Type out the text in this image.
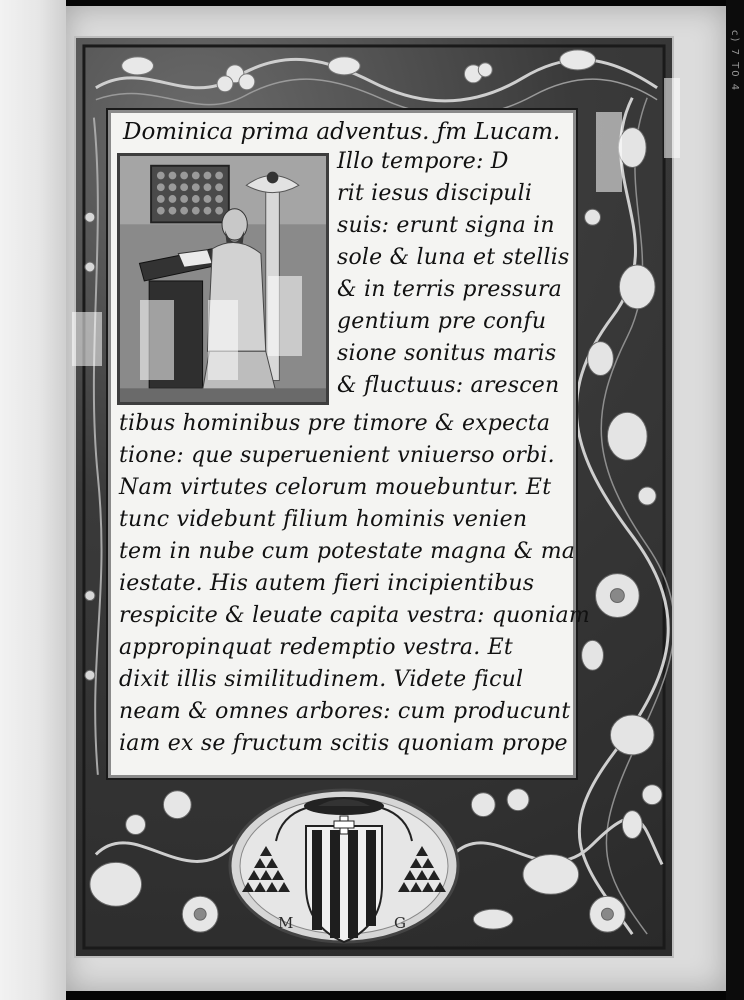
c) 7 T0 4
Dominica prima adventus. ƒm Lucam.
Illo tempore: D
rit iesus discipuli
suis: erunt signa in
sole & luna et stellis
& in terris pressura
gentium pre confu
sione sonitus maris
& fluctuus: arescen
tibus hominibus pre timore & expecta
tione: que superuenient vniuerso orbi.
Nam virtutes celorum mouebuntur. Et
tunc videbunt filium hominis venien
tem in nube cum potestate magna & ma
iestate. His autem fieri incipientibus
respicite & leuate capita vestra: quoniam
appropinquat redemptio vestra. Et
dixit illis similitudinem. Videte ficul
neam & omnes arbores: cum producunt
iam ex se fructum scitis quoniam prope
M	G
